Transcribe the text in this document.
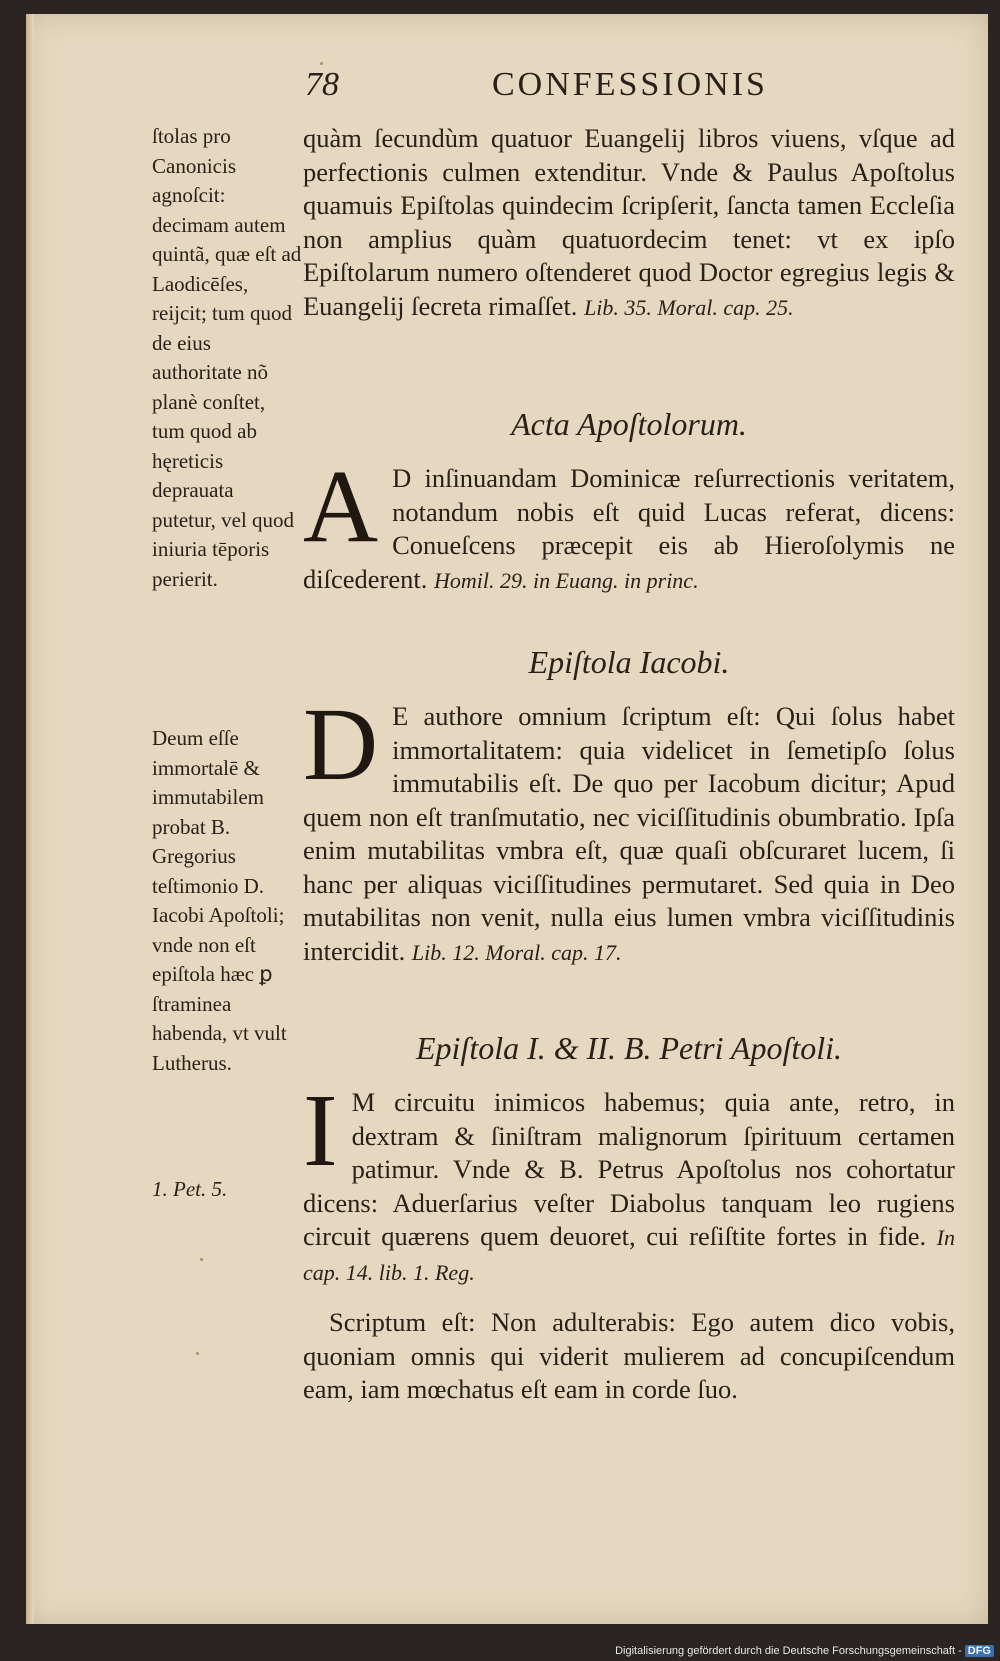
78	CONFESSIONIS
ſtolas pro Canonicis agnoſcit: decimam autem quintã, quæ eſt ad Laodicēſes, reijcit; tum quod de eius authoritate nõ planè conſtet, tum quod ab hęreticis deprauata putetur, vel quod iniuria tēporis perierit.
Deum eſſe immortalē & immutabilem probat B. Gregorius teſtimonio D. Iacobi Apoſtoli; vnde non eſt epiſtola hæc ꝑ ſtraminea habenda, vt vult Lutherus.
1. Pet. 5.
quàm ſecundùm quatuor Euangelij libros viuens, vſque ad perfectionis culmen extenditur. Vnde & Paulus Apoſtolus quamuis Epiſtolas quindecim ſcripſerit, ſancta tamen Eccleſia non amplius quàm quatuordecim tenet: vt ex ipſo Epiſtolarum numero oſtenderet quod Doctor egregius legis & Euangelij ſecreta rimaſſet. Lib. 35. Moral. cap. 25.
Acta Apoſtolorum.
A D inſinuandam Dominicæ reſurrectionis veritatem, notandum nobis eſt quid Lucas referat, dicens: Conueſcens præcepit eis ab Hieroſolymis ne diſcederent. Homil. 29. in Euang. in princ.
Epiſtola Iacobi.
D E authore omnium ſcriptum eſt: Qui ſolus habet immortalitatem: quia videlicet in ſemetipſo ſolus immutabilis eſt. De quo per Iacobum dicitur; Apud quem non eſt tranſmutatio, nec viciſſitudinis obumbratio. Ipſa enim mutabilitas vmbra eſt, quæ quaſi obſcuraret lucem, ſi hanc per aliquas viciſſitudines permutaret. Sed quia in Deo mutabilitas non venit, nulla eius lumen vmbra viciſſitudinis intercidit. Lib. 12. Moral. cap. 17.
Epiſtola I. & II. B. Petri Apoſtoli.
I M circuitu inimicos habemus; quia ante, retro, in dextram & ſiniſtram malignorum ſpirituum certamen patimur. Vnde & B. Petrus Apoſtolus nos cohortatur dicens: Aduerſarius veſter Diabolus tanquam leo rugiens circuit quærens quem deuoret, cui reſiſtite fortes in fide. In cap. 14. lib. 1. Reg.
Scriptum eſt: Non adulterabis: Ego autem dico vobis, quoniam omnis qui viderit mulierem ad concupiſcendum eam, iam mœchatus eſt eam in corde ſuo.
Digitalisierung gefördert durch die Deutsche Forschungsgemeinschaft - DFG
